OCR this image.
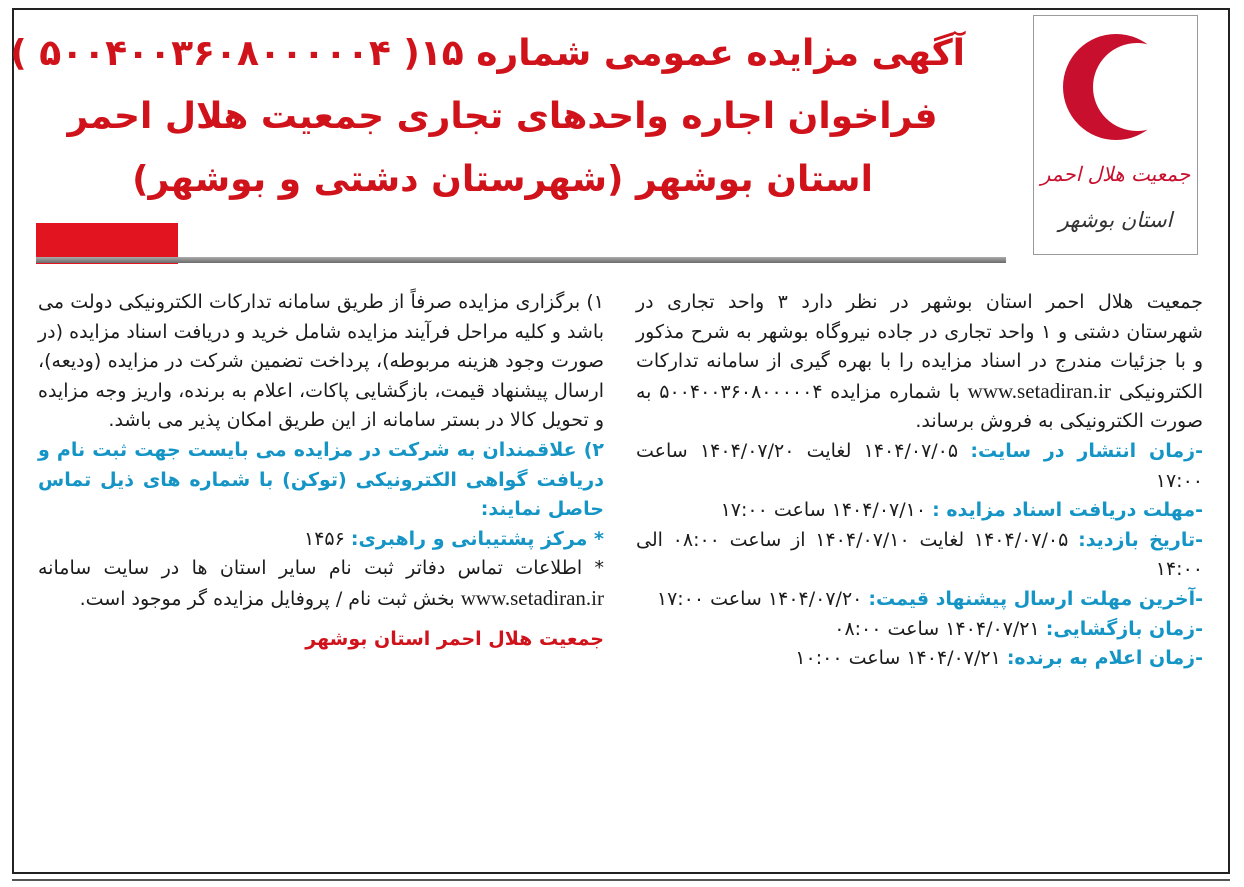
جمعیت هلال احمر
استان بوشهر
آگهی مزایده عمومی شماره ۱۵( ۵۰۰۴۰۰۳۶۰۸۰۰۰۰۰۴ )
فراخوان اجاره واحدهای تجاری جمعیت هلال احمر
استان بوشهر (شهرستان دشتی و بوشهر)

جمعیت هلال احمر استان بوشهر در نظر دارد ۳ واحد تجاری در شهرستان دشتی و ۱ واحد تجاری در جاده نیروگاه بوشهر به شرح مذکور و با جزئیات مندرج در اسناد مزایده را با بهره گیری از سامانه تدارکات الکترونیکی www.setadiran.ir با شماره مزایده ۵۰۰۴۰۰۳۶۰۸۰۰۰۰۰۴ به صورت الکترونیکی به فروش برساند.

-زمان انتشار در سایت: ۱۴۰۴/۰۷/۰۵ لغایت ۱۴۰۴/۰۷/۲۰ ساعت ۱۷:۰۰

-مهلت دریافت اسناد مزایده : ۱۴۰۴/۰۷/۱۰ ساعت ۱۷:۰۰

-تاریخ بازدید: ۱۴۰۴/۰۷/۰۵ لغایت ۱۴۰۴/۰۷/۱۰ از ساعت ۰۸:۰۰ الی ۱۴:۰۰

-آخرین مهلت ارسال پیشنهاد قیمت: ۱۴۰۴/۰۷/۲۰ ساعت ۱۷:۰۰

-زمان بازگشایی: ۱۴۰۴/۰۷/۲۱ ساعت ۰۸:۰۰

-زمان اعلام به برنده: ۱۴۰۴/۰۷/۲۱ ساعت ۱۰:۰۰

۱) برگزاری مزایده صرفاً از طریق سامانه تدارکات الکترونیکی دولت می باشد و کلیه مراحل فرآیند مزایده شامل خرید و دریافت اسناد مزایده (در صورت وجود هزینه مربوطه)، پرداخت تضمین شرکت در مزایده (ودیعه)، ارسال پیشنهاد قیمت، بازگشایی پاکات، اعلام به برنده، واریز وجه مزایده و تحویل کالا در بستر سامانه از این طریق امکان پذیر می باشد.

۲) علاقمندان به شرکت در مزایده می بایست جهت ثبت نام و دریافت گواهی الکترونیکی (توکن) با شماره های ذیل تماس حاصل نمایند:

* مرکز پشتیبانی و راهبری: ۱۴۵۶

* اطلاعات تماس دفاتر ثبت نام سایر استان ها در سایت سامانه www.setadiran.ir بخش ثبت نام / پروفایل مزایده گر موجود است.

جمعیت هلال احمر استان بوشهر
